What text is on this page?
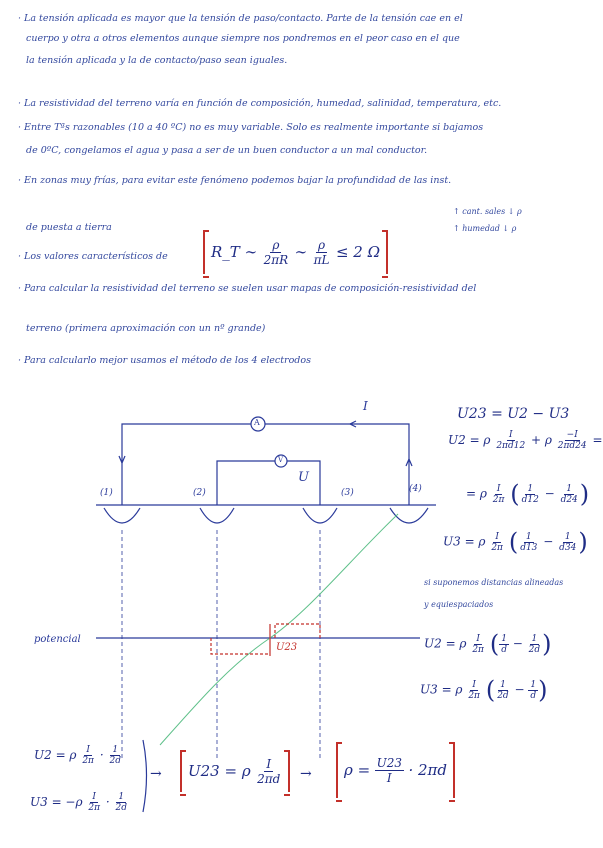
· La tensión aplicada es mayor que la tensión de paso/contacto. Parte de la tensión cae en el
cuerpo y otra a otros elementos aunque siempre nos pondremos en el peor caso en el que
la tensión aplicada y la de contacto/paso sean iguales.
· La resistividad del terreno varía en función de composición, humedad, salinidad, temperatura, etc.
· Entre Tªs razonables (10 a 40 ºC) no es muy variable. Solo es realmente importante si bajamos
de 0ºC, congelamos el agua y pasa a ser de un buen conductor a un mal conductor.
· En zonas muy frías, para evitar este fenómeno podemos bajar la profundidad de las inst.
de puesta a tierra
· Los valores característicos de
↑ cant. sales ↓ ρ
↑ humedad ↓ ρ
R_T ∼
$\frac{\rho}{2\pi R}$
∼
$\frac{\rho}{\pi L}$
≤ 2 Ω
· Para calcular la resistividad del terreno se suelen usar mapas de composición-resistividad del
terreno (primera aproximación con un nº grande)
· Para calcularlo mejor usamos el método de los 4 electrodos
A
V
I
U
(1)	(2)	(3)	(4)
potencial
U23
U23 = U2 − U3
U2 = ρ $\frac{I}{2\pi d12} + \rho \frac{-I}{2\pi d24}$ =
= ρ $\frac{I}{2\pi}$ ( $\frac{1}{d12} - \frac{1}{d24}$ )
U3 = ρ $\frac{I}{2\pi}$ ( $\frac{1}{d13} - \frac{1}{d34}$ )
si suponemos distancias alineadas
y equiespaciados
U2 = ρ $\frac{I}{2\pi}$ ( $\frac{1}{d} - \frac{1}{2d}$ )
U3 = ρ $\frac{I}{2\pi}$ ( $\frac{1}{2d} - \frac{1}{d}$ )
U2 = ρ $\frac{I}{2\pi} \cdot \frac{1}{2d}$
$U3 = -\rho \frac{I}{2\pi} \cdot \frac{1}{2d}$
→ U23 = ρ
$\frac{I}{2\pi d} \to \rho$ =
$\frac{U23}{I}$
· 2πd
